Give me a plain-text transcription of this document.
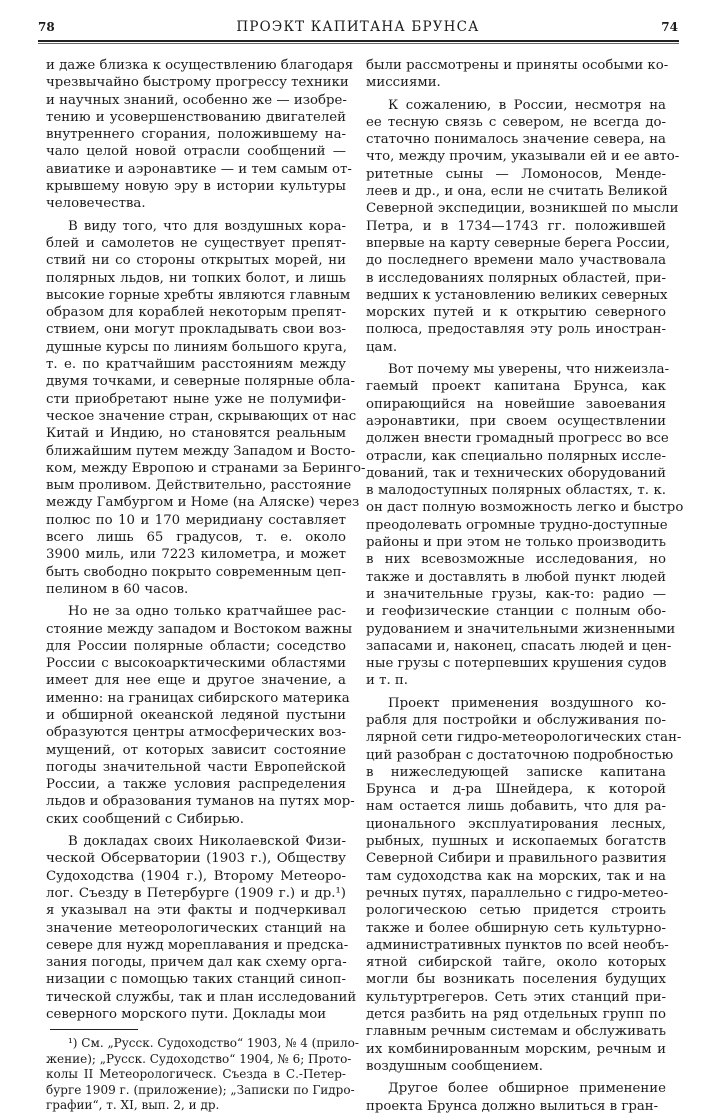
78	ПРОЭКТ КАПИТАНА БРУНСА	74
и даже близка к осуществлению благодаря
чрезвычайно быстрому прогрессу техники
и научных знаний, особенно же — изобре-
тению и усовершенствованию двигателей
внутреннего сгорания, положившему на-
чало целой новой отрасли сообщений —
авиатике и аэронавтике — и тем самым от-
крывшему новую эру в истории культуры
человечества.
В виду того, что для воздушных кора-
блей и самолетов не существует препят-
ствий ни со стороны открытых морей, ни
полярных льдов, ни топких болот, и лишь
высокие горные хребты являются главным
образом для кораблей некоторым препят-
ствием, они могут прокладывать свои воз-
душные курсы по линиям большого круга,
т. е. по кратчайшим расстояниям между
двумя точками, и северные полярные обла-
сти приобретают ныне уже не полумифи-
ческое значение стран, скрывающих от нас
Китай и Индию, но становятся реальным
ближайшим путем между Западом и Восто-
ком, между Европою и странами за Беринго-
вым проливом. Действительно, расстояние
между Гамбургом и Номе (на Аляске) через
полюс по 10 и 170 меридиану составляет
всего лишь 65 градусов, т. е. около
3900 миль, или 7223 километра, и может
быть свободно покрыто современным цеп-
пелином в 60 часов.
Но не за одно только кратчайшее рас-
стояние между западом и Востоком важны
для России полярные области; соседство
России с высокоарктическими областями
имеет для нее еще и другое значение, а
именно: на границах сибирского материка
и обширной океанской ледяной пустыни
образуются центры атмосферических воз-
мущений, от которых зависит состояние
погоды значительной части Европейской
России, а также условия распределения
льдов и образования туманов на путях мор-
ских сообщений с Сибирью.
В докладах своих Николаевской Физи-
ческой Обсерватории (1903 г.), Обществу
Судоходства (1904 г.), Второму Метеоро-
лог. Съезду в Петербурге (1909 г.) и др.¹)
я указывал на эти факты и подчеркивал
значение метеорологических станций на
севере для нужд мореплавания и предска-
зания погоды, причем дал как схему орга-
низации с помощью таких станций синоп-
тической службы, так и план исследований
северного морского пути. Доклады мои
¹) См. „Русск. Судоходство“ 1903, № 4 (прило-
жение); „Русск. Судоходство“ 1904, № 6; Прото-
колы II Метеорологическ. Съезда в С.-Петер-
бурге 1909 г. (приложение); „Записки по Гидро-
графии“, т. XI, вып. 2, и др.
были рассмотрены и приняты особыми ко-
миссиями.
К сожалению, в России, несмотря на
ее тесную связь с севером, не всегда до-
статочно понималось значение севера, на
что, между прочим, указывали ей и ее авто-
ритетные сыны — Ломоносов, Менде-
леев и др., и она, если не считать Великой
Северной экспедиции, возникшей по мысли
Петра, и в 1734—1743 гг. положившей
впервые на карту северные берега России,
до последнего времени мало участвовала
в исследованиях полярных областей, при-
ведших к установлению великих северных
морских путей и к открытию северного
полюса, предоставляя эту роль иностран-
цам.
Вот почему мы уверены, что нижеизла-
гаемый проект капитана Брунса, как
опирающийся на новейшие завоевания
аэронавтики, при своем осуществлении
должен внести громадный прогресс во все
отрасли, как специально полярных иссле-
дований, так и технических оборудований
в малодоступных полярных областях, т. к.
он даст полную возможность легко и быстро
преодолевать огромные трудно-доступные
районы и при этом не только производить
в них всевозможные исследования, но
также и доставлять в любой пункт людей
и значительные грузы, как-то: радио —
и геофизические станции с полным обо-
рудованием и значительными жизненными
запасами и, наконец, спасать людей и цен-
ные грузы с потерпевших крушения судов
и т. п.
Проект применения воздушного ко-
рабля для постройки и обслуживания по-
лярной сети гидро-метеорологических стан-
ций разобран с достаточною подробностью
в нижеследующей записке капитана
Брунса и д-ра Шнейдера, к которой
нам остается лишь добавить, что для ра-
ционального эксплуатирования лесных,
рыбных, пушных и ископаемых богатств
Северной Сибири и правильного развития
там судоходства как на морских, так и на
речных путях, параллельно с гидро-метео-
рологическою сетью придется строить
также и более обширную сеть культурно-
административных пунктов по всей необъ-
ятной сибирской тайге, около которых
могли бы возникать поселения будущих
культуртрегеров. Сеть этих станций при-
дется разбить на ряд отдельных групп по
главным речным системам и обслуживать
их комбинированным морским, речным и
воздушным сообщением.
Другое более обширное применение
проекта Брунса должно вылиться в гран-
